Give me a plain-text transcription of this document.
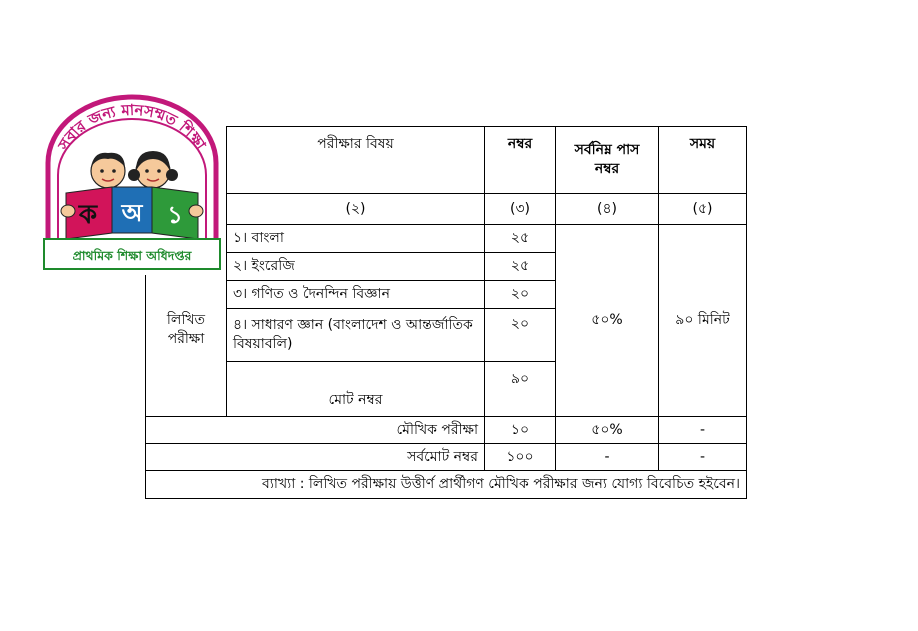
	পরীক্ষার বিষয়	নম্বর	সর্বনিম্ন পাস নম্বর	সময়
	(২)	(৩)	(৪)	(৫)

লিখিত পরীক্ষা	১। বাংলা	২৫	৫০%	৯০ মিনিট
	২। ইংরেজি	২৫		
	৩। গণিত ও দৈনন্দিন বিজ্ঞান	২০		
	৪। সাধারণ জ্ঞান (বাংলাদেশ ও আন্তর্জাতিক বিষয়াবলি)	২০		
	মোট নম্বর	৯০		
মৌখিক পরীক্ষা		১০	৫০%	-
সর্বমোট নম্বর		১০০	-	-
ব্যাখ্যা : লিখিত পরীক্ষায় উত্তীর্ণ প্রার্থীগণ মৌখিক পরীক্ষার জন্য যোগ্য বিবেচিত হইবেন।				
সবার জন্য মানসম্মত শিক্ষা
ক অ ১
প্রাথমিক শিক্ষা অধিদপ্তর
